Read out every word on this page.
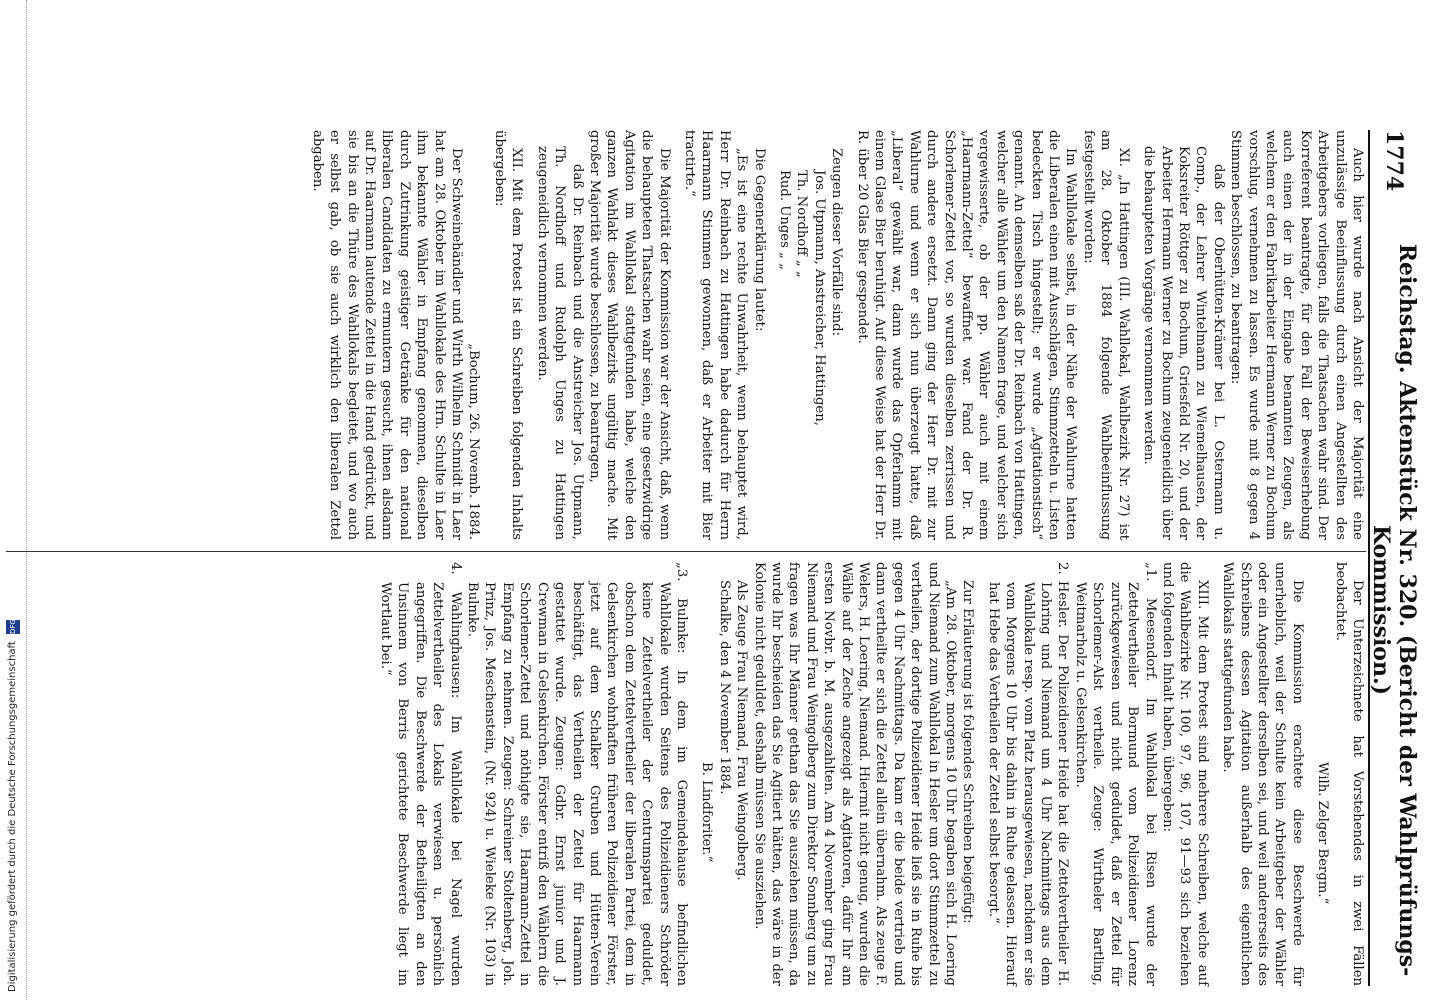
Digitalisierung gefördert durch die Deutsche Forschungsgemeinschaft DFG
1774
Reichstag. Aktenstück Nr. 320. (Bericht der Wahlprüfungs-Kommission.)

Auch hier wurde nach Ansicht der Majorität eine unzulässige Beeinflussung durch einen Angestellten des Arbeitgebers vorliegen, falls die Thatsachen wahr sind. Der Korreferent beantragte, für den Fall der Beweiserhebung auch einen der in der Eingabe benannten Zeugen, als welchem er den Fabrikarbeiter Hermann Werner zu Bochum vorschlug, vernehmen zu lassen. Es wurde mit 8 gegen 4 Stimmen beschlossen, zu beantragen:

daß der Oberhütten-Krämer bei L. Ostermann u. Comp., der Lehrer Wintelmann zu Wiemelhausen, der Koksreiter Röttger zu Bochum, Griesfeld Nr. 20, und der Arbeiter Hermann Werner zu Bochum zeugeneidlich über die behaupteten Vorgänge vernommen werden.

XI. „In Hattingen (III. Wahllokal, Wahlbezirk Nr. 27) ist am 28. Oktober 1884 folgende Wahlbeeinflussung festgestellt worden:

Im Wahllokale selbst, in der Nähe der Wahlurne hatten die Liberalen einen mit Ausschlägen, Stimmzetteln u. Listen bedeckten Tisch hingestellt; er wurde „Agitationstisch“ genannt. An demselben saß der Dr. Reinbach von Hattingen, welcher alle Wähler um den Namen frage, und welcher sich vergewisserte, ob der pp. Wähler auch mit einem „Haarmann-Zettel“ bewaffnet war. Fand der Dr. R. Schorlemer-Zettel vor, so wurden dieselben zerrissen und durch andere ersetzt. Dann ging der Herr Dr. mit zur Wahlurne und wenn er sich nun überzeugt hatte, daß „Liberal“ gewählt war, dann wurde das Opferlamm mit einem Glase Bier beruhigt. Auf diese Weise hat der Herr Dr. R. über 20 Glas Bier gespendet.

Zeugen dieser Vorfälle sind:

Jos. Utpmann, Anstreicher, Hattingen,
Th. Nordhoff „ „
Rud. Unges „ „

Die Gegenerklärung lautet:

„Es ist eine rechte Unwahrheit, wenn behauptet wird, Herr Dr. Reinbach zu Hattingen habe dadurch für Herrn Haarmann Stimmen gewonnen, daß er Arbeiter mit Bier tractirte.“

Die Majorität der Kommission war der Ansicht, daß, wenn die behaupteten Thatsachen wahr seien, eine gesetzwidrige Agitation im Wahllokal stattgefunden habe, welche den ganzen Wahlakt dieses Wahlbezirks ungültig mache. Mit großer Majorität wurde beschlossen, zu beantragen,

daß Dr. Reinbach und die Anstreicher Jos. Utpmann, Th. Nordhoff und Rudolph Unges zu Hattingen zeugeneidlich vernommen werden.

XII. Mit dem Protest ist ein Schreiben folgenden Inhalts übergeben:

„Bochum, 26. Novemb. 1884.

Der Schweinehändler und Wirth Wilhelm Schmidt in Laer hat am 28. Oktober im Wahllokale des Hrn. Schulte in Laer ihm bekannte Wähler in Empfang genommen, dieselben durch Zutrinkung geistiger Getränke für den national liberalen Candidaten zu ermuntern gesucht, ihnen alsdann auf Dr. Haarmann lautende Zettel in die Hand gedrückt, und sie bis an die Thüre des Wahllokals begleitet, und wo auch er selbst gab, ob sie auch wirklich den liberalen Zettel abgaben.

Der Unterzeichnete hat Vorstehendes in zwei Fällen beobachtet.

Wilh. Zelger Bergm.“

Die Kommission erachtete diese Beschwerde für unerheblich, weil der Schulte kein Arbeitgeber der Wähler oder ein Angestellter derselben sei, und weil andererseits des Schreibens dessen Agitation außerhalb des eigentlichen Wahllokals stattgefunden habe.

XIII. Mit dem Protest sind mehrere Schreiben, welche auf die Wahlbezirke Nr. 100, 97, 96, 107, 91—93 sich beziehen und folgenden Inhalt haben, übergeben:

„1. Meesendorf. Im Wahllokal bei Risen wurde der Zettelvertheiler Bormund vom Polizeidiener Lorenz zurückgewiesen und nicht geduldet, daß er Zettel für Schorlemer-Alst vertheile. Zeuge: Wirtheler Bartling, Weitmarholz u. Gelsenkirchen.

2. Hesler. Der Polizeidiener Heide hat die Zettelvertheiler H. Lohring und Niemand um 4 Uhr Nachmittags aus dem Wahllokale resp. vom Platz herausgewiesen, nachdem er sie vom Morgens 10 Uhr bis dahin in Ruhe gelassen. Hierauf hat Hebe das Vertheilen der Zettel selbst besorgt.“

Zur Erläuterung ist folgendes Schreiben beigefügt:

„Am 28. Oktober, morgens 10 Uhr begaben sich H. Loering und Niemand zum Wahllokal in Hesler um dort Stimmzettel zu vertheilen, der dortige Polizeidiener Heide ließ sie in Ruhe bis gegen 4 Uhr Nachmittags. Da kam er die beide vertrieb und dann vertheilte er sich die Zettel allein übernahm. Als zeuge F. Welers, H. Loering, Niemand. Hiermit nicht genug, wurden die Wähle auf der Zeche angezeigt als Agitatoren, dafür Ihr am ersten Novbr. b. M. ausgezahlten. Am 4 November ging Frau Niemand und Frau Weingolberg zum Direktor Sonnberg um zu fragen was Ihr Männer gethan das Sie ausziehen müssen, da wurde Ihr bescheiden das Sie Agitiert hätten, das wäre in der Kolonie nicht geduldet, deshalb müssen Sie ausziehen.

Als Zeuge Frau Niemand, Frau Weingolberg.

Schalke, den 4 November 1884.

B. Lindforiter.“

„3. Bulmke: In dem im Gemeindehause befindlichen Wahllokale wurden Seitens des Polizeidieners Schröder keine Zettelvertheiler der Centrumspartei geduldet, obschon dem Zettelvertheiler der liberalen Partei, dem in Gelsenkirchen wohnhaften früheren Polizeidiener Förster, jetzt auf dem Schalker Gruben und Hütten-Verein beschäftigt, das Vertheilen der Zettel für Haarmann gestattet wurde. Zeugen: Gdbr. Ernst junior und J. Crewman in Gelsenkirchen. Förster entriß den Wählern die Schorlemer-Zettel und nöthigte sie, Haarmann-Zettel in Empfang zu nehmen. Zeugen: Schreiner Stoltenberg, Joh. Prinz, Jos. Meschenstein, (Nr. 924) u. Wieleke (Nr. 103) in Bulmke.

4. Wahlinghausen: Im Wahllokale bei Nagel wurden Zettelvertheiler des Lokals verwiesen u. persönlich angegriffen. Die Beschwerde der Betheiligten an den Unsinnem von Berris gerichtete Beschwerde liegt im Wortlaut bei.“
